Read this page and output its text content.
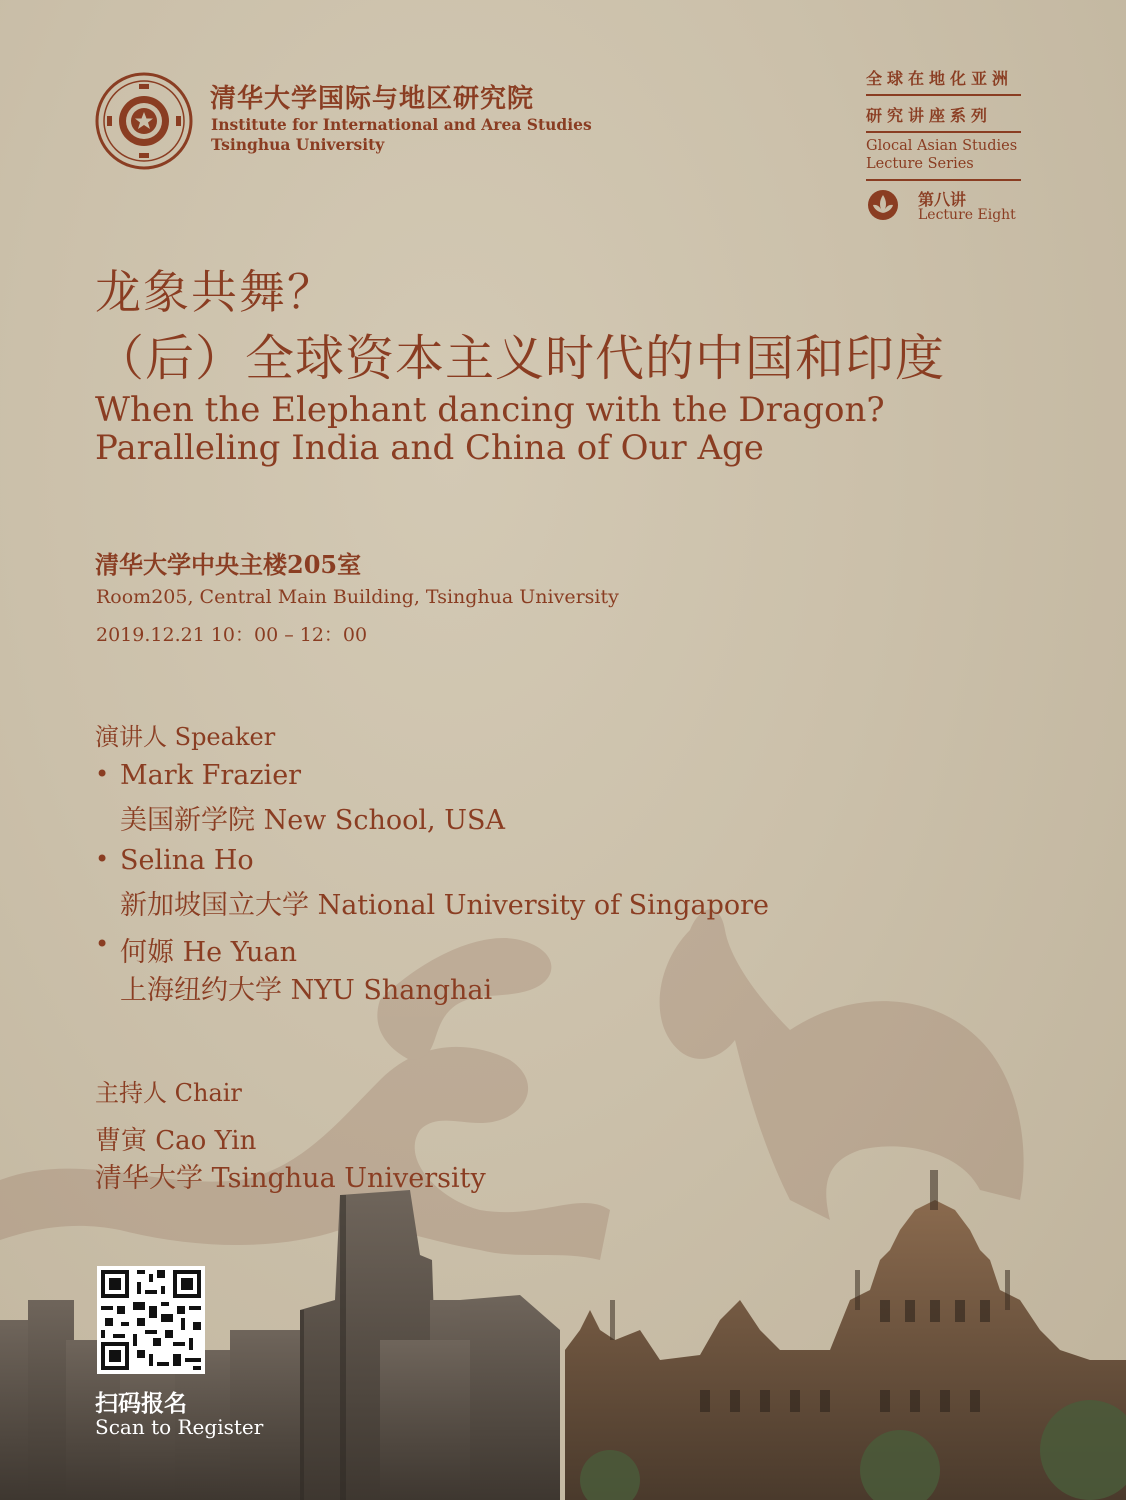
清华大学国际与地区研究院
Institute for International and Area Studies
Tsinghua University
全球在地化亚洲
研究讲座系列
Glocal Asian Studies
Lecture Series
第八讲
Lecture Eight
龙象共舞？
（后）全球资本主义时代的中国和印度
When the Elephant dancing with the Dragon?
Paralleling India and China of Our Age
清华大学中央主楼205室
Room205, Central Main Building, Tsinghua University
2019.12.21 10：00 – 12：00
演讲人 Speaker
• Mark Frazier
美国新学院 New School, USA
• Selina Ho
新加坡国立大学 National University of Singapore
• 何嫄 He Yuan
上海纽约大学 NYU Shanghai
主持人 Chair
曹寅 Cao Yin
清华大学 Tsinghua University
扫码报名
Scan to Register
